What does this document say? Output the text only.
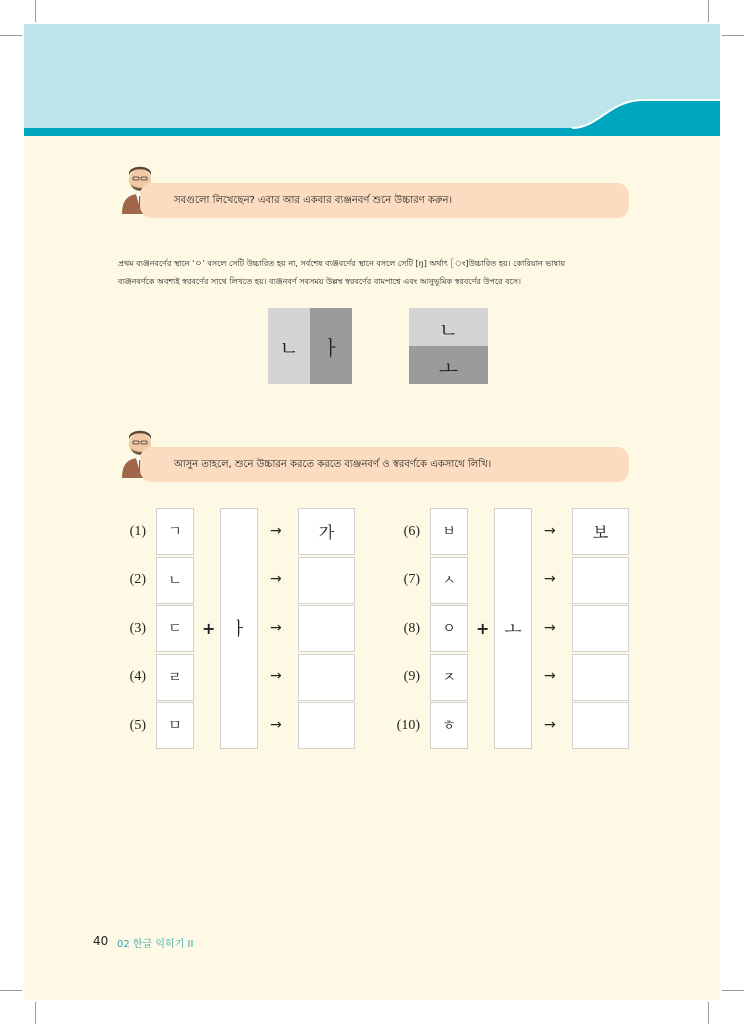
সবগুলো লিখেছেন? এবার আর একবার ব্যঞ্জনবর্ণ শুনে উচ্চারণ করুন।
প্রথম ব্যঞ্জনবর্ণের স্থানে ‘ㅇ’ বসলে সেটি উচ্চারিত হয় না, সর্বশেষ ব্যঞ্জবর্ণের স্থানে বসলে সেটি [ŋ] অর্থাৎ [ং]উচ্চারিত হয়। কোরিয়ান ভাষায়
ব্যঞ্জনবর্ণকে অবশ্যই স্বরবর্ণের সাথে লিখতে হয়। ব্যঞ্জনবর্ণ সবসময় উল্লম্ব স্বরবর্ণের বামপাশ্বে এবং আনুভূমিক স্বরবর্ণের উপরে বসে।
ㄴ	ㅏ
ㄴ
ㅗ
আসুন তাহলে, শুনে উচ্চারন করতে করতে ব্যঞ্জনবর্ণ ও স্বরবর্ণকে একসাথে লিখি।
(1)
(2)
(3)
(4)
(5)
ㄱ
ㄴ
ㄷ
ㄹ
ㅁ
+ ㅏ
→
→
→
→
→
가	(6)
(7)
(8)
(9)
(10)
ㅂ
ㅅ
ㅇ
ㅈ
ㅎ
+ ㅗ
→
→
→
→
→
보
40 02 한글 익히기 II
